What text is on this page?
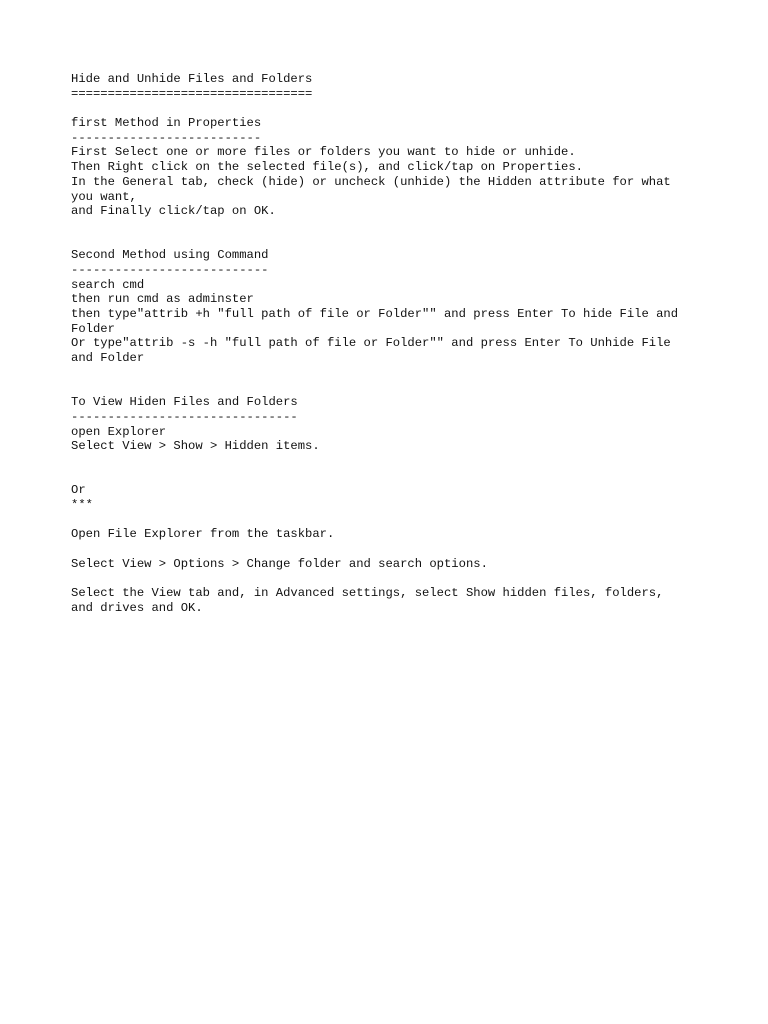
Hide and Unhide Files and Folders
=================================
first Method in Properties
--------------------------
First Select one or more files or folders you want to hide or unhide.
Then Right click on the selected file(s), and click/tap on Properties.
In the General tab, check (hide) or uncheck (unhide) the Hidden attribute for what
you want,
and Finally click/tap on OK.
Second Method using Command
---------------------------
search cmd
then run cmd as adminster
then type"attrib +h "full path of file or Folder"" and press Enter To hide File and
Folder
Or type"attrib -s -h "full path of file or Folder"" and press Enter To Unhide File
and Folder
To View Hiden Files and Folders
-------------------------------
open Explorer
Select View > Show > Hidden items.
Or
***
Open File Explorer from the taskbar.
Select View > Options > Change folder and search options.
Select the View tab and, in Advanced settings, select Show hidden files, folders,
and drives and OK.
